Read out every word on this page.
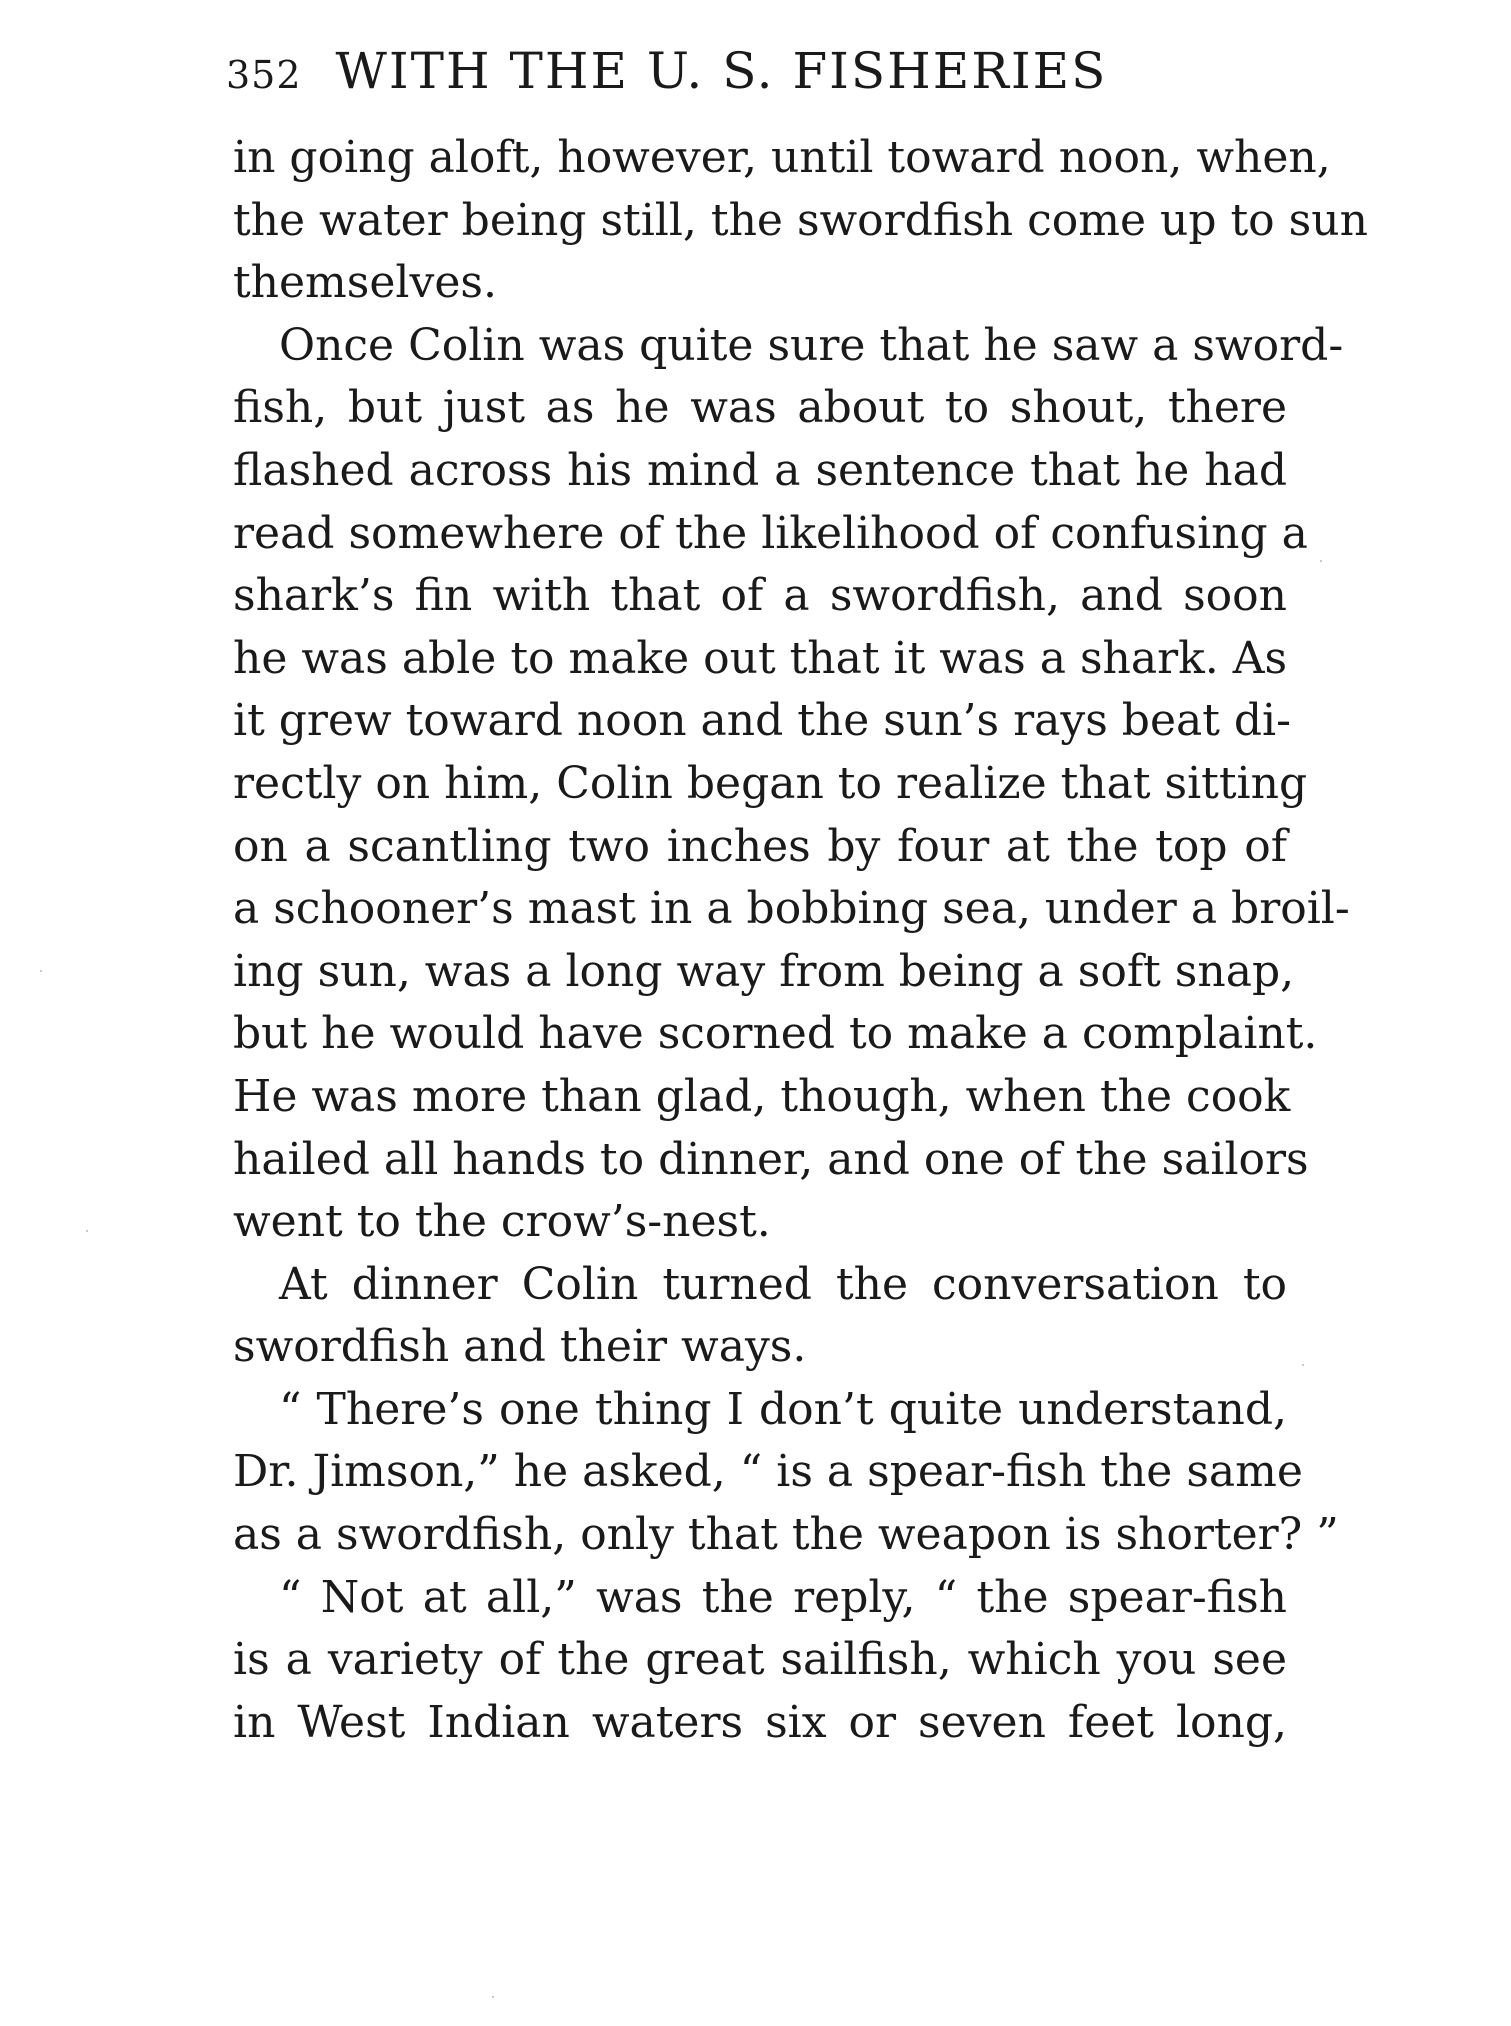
352 WITH THE U. S. FISHERIES
in going aloft, however, until toward noon, when,
the water being still, the swordfish come up to sun
themselves.
Once Colin was quite sure that he saw a sword-
fish, but just as he was about to shout, there
flashed across his mind a sentence that he had
read somewhere of the likelihood of confusing a
shark’s fin with that of a swordfish, and soon
he was able to make out that it was a shark. As
it grew toward noon and the sun’s rays beat di-
rectly on him, Colin began to realize that sitting
on a scantling two inches by four at the top of
a schooner’s mast in a bobbing sea, under a broil-
ing sun, was a long way from being a soft snap,
but he would have scorned to make a complaint.
He was more than glad, though, when the cook
hailed all hands to dinner, and one of the sailors
went to the crow’s-nest.
At dinner Colin turned the conversation to
swordfish and their ways.
“ There’s one thing I don’t quite understand,
Dr. Jimson,” he asked, “ is a spear-fish the same
as a swordfish, only that the weapon is shorter? ”
“ Not at all,” was the reply, “ the spear-fish
is a variety of the great sailfish, which you see
in West Indian waters six or seven feet long,
